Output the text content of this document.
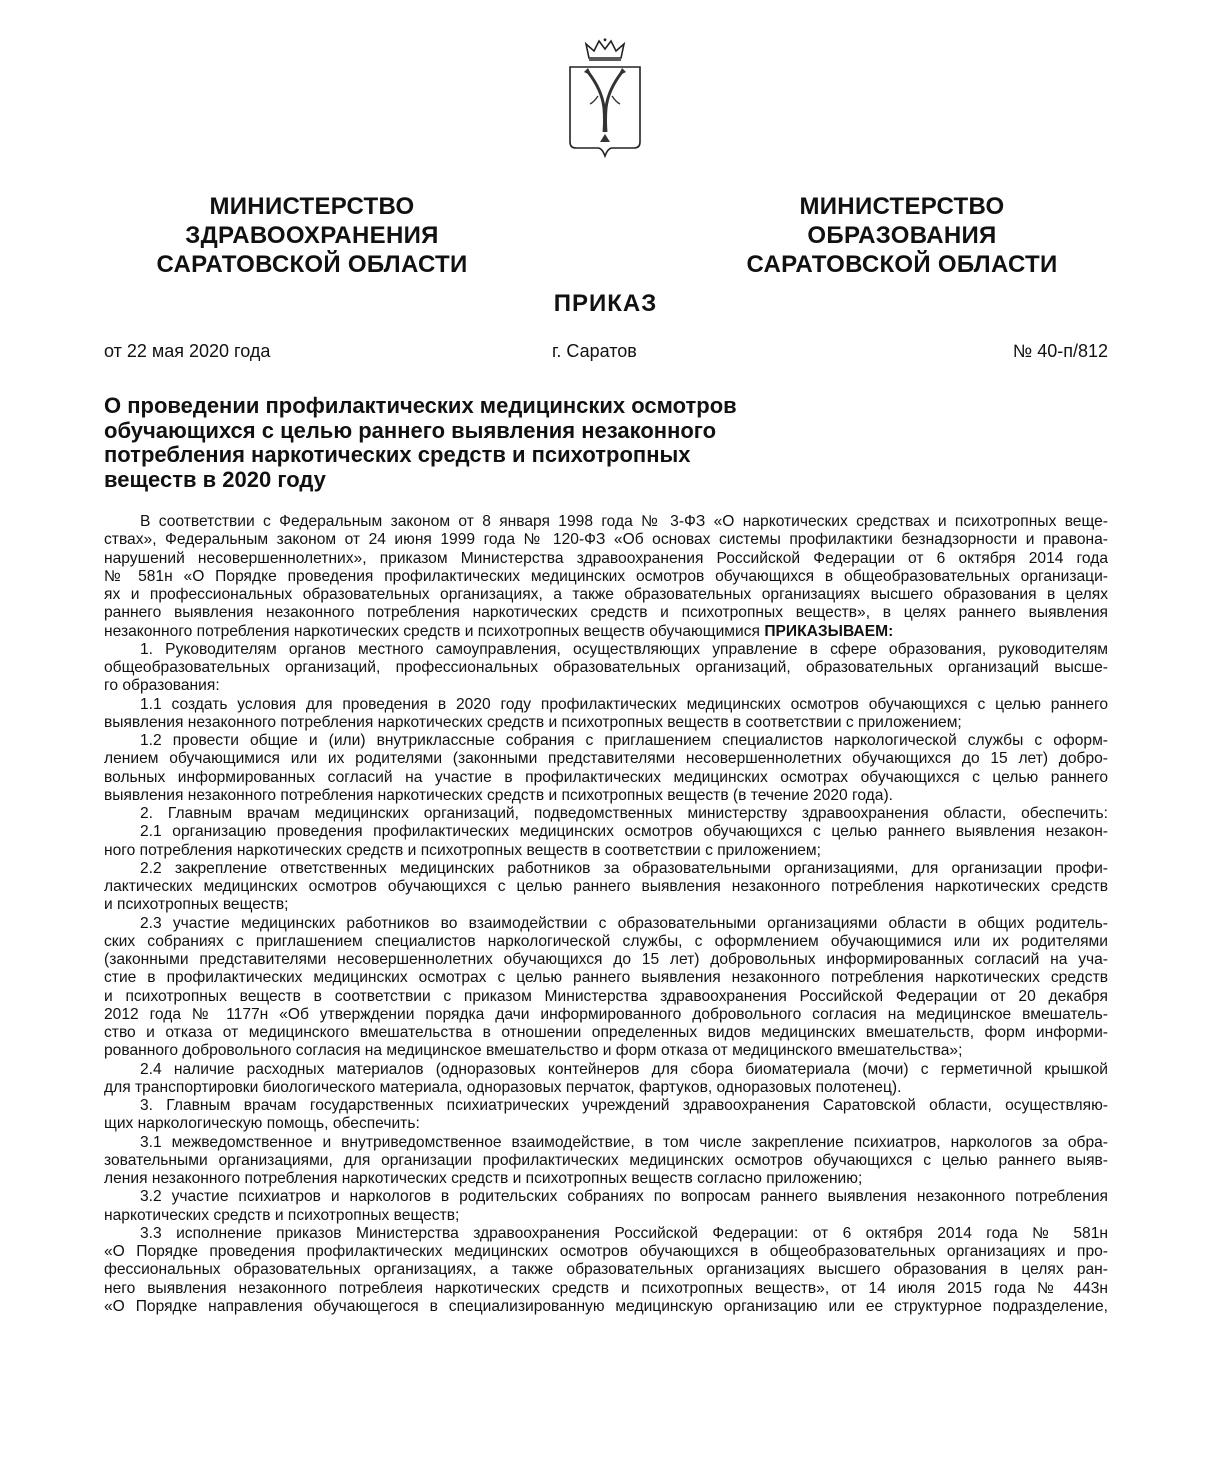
МИНИСТЕРСТВО
ЗДРАВООХРАНЕНИЯ
САРАТОВСКОЙ ОБЛАСТИ
МИНИСТЕРСТВО
ОБРАЗОВАНИЯ
САРАТОВСКОЙ ОБЛАСТИ
ПРИКАЗ
от 22 мая 2020 года	г. Саратов	№ 40-п/812
О проведении профилактических медицинских осмотров
обучающихся с целью раннего выявления незаконного
потребления наркотических средств и психотропных
веществ в 2020 году
В соответствии с Федеральным законом от 8 января 1998 года № 3-ФЗ «О наркотических средствах и психотропных веще-
ствах», Федеральным законом от 24 июня 1999 года № 120-ФЗ «Об основах системы профилактики безнадзорности и правона-
нарушений несовершеннолетних», приказом Министерства здравоохранения Российской Федерации от 6 октября 2014 года
№ 581н «О Порядке проведения профилактических медицинских осмотров обучающихся в общеобразовательных организаци-
ях и профессиональных образовательных организациях, а также образовательных организациях высшего образования в целях
раннего выявления незаконного потребления наркотических средств и психотропных веществ», в целях раннего выявления
незаконного потребления наркотических средств и психотропных веществ обучающимися ПРИКАЗЫВАЕМ:
1. Руководителям органов местного самоуправления, осуществляющих управление в сфере образования, руководителям
общеобразовательных организаций, профессиональных образовательных организаций, образовательных организаций высше-
го образования:
1.1 создать условия для проведения в 2020 году профилактических медицинских осмотров обучающихся с целью раннего
выявления незаконного потребления наркотических средств и психотропных веществ в соответствии с приложением;
1.2 провести общие и (или) внутриклассные собрания с приглашением специалистов наркологической службы с оформ-
лением обучающимися или их родителями (законными представителями несовершеннолетних обучающихся до 15 лет) добро-
вольных информированных согласий на участие в профилактических медицинских осмотрах обучающихся с целью раннего
выявления незаконного потребления наркотических средств и психотропных веществ (в течение 2020 года).
2. Главным врачам медицинских организаций, подведомственных министерству здравоохранения области, обеспечить:
2.1 организацию проведения профилактических медицинских осмотров обучающихся с целью раннего выявления незакон-
ного потребления наркотических средств и психотропных веществ в соответствии с приложением;
2.2 закрепление ответственных медицинских работников за образовательными организациями, для организации профи-
лактических медицинских осмотров обучающихся с целью раннего выявления незаконного потребления наркотических средств
и психотропных веществ;
2.3 участие медицинских работников во взаимодействии с образовательными организациями области в общих родитель-
ских собраниях с приглашением специалистов наркологической службы, с оформлением обучающимися или их родителями
(законными представителями несовершеннолетних обучающихся до 15 лет) добровольных информированных согласий на уча-
стие в профилактических медицинских осмотрах с целью раннего выявления незаконного потребления наркотических средств
и психотропных веществ в соответствии с приказом Министерства здравоохранения Российской Федерации от 20 декабря
2012 года № 1177н «Об утверждении порядка дачи информированного добровольного согласия на медицинское вмешатель-
ство и отказа от медицинского вмешательства в отношении определенных видов медицинских вмешательств, форм информи-
рованного добровольного согласия на медицинское вмешательство и форм отказа от медицинского вмешательства»;
2.4 наличие расходных материалов (одноразовых контейнеров для сбора биоматериала (мочи) с герметичной крышкой
для транспортировки биологического материала, одноразовых перчаток, фартуков, одноразовых полотенец).
3. Главным врачам государственных психиатрических учреждений здравоохранения Саратовской области, осуществляю-
щих наркологическую помощь, обеспечить:
3.1 межведомственное и внутриведомственное взаимодействие, в том числе закрепление психиатров, наркологов за обра-
зовательными организациями, для организации профилактических медицинских осмотров обучающихся с целью раннего выяв-
ления незаконного потребления наркотических средств и психотропных веществ согласно приложению;
3.2 участие психиатров и наркологов в родительских собраниях по вопросам раннего выявления незаконного потребления
наркотических средств и психотропных веществ;
3.3 исполнение приказов Министерства здравоохранения Российской Федерации: от 6 октября 2014 года № 581н
«О Порядке проведения профилактических медицинских осмотров обучающихся в общеобразовательных организациях и про-
фессиональных образовательных организациях, а также образовательных организациях высшего образования в целях ран-
него выявления незаконного потреблеия наркотических средств и психотропных веществ», от 14 июля 2015 года № 443н
«О Порядке направления обучающегося в специализированную медицинскую организацию или ее структурное подразделение,
